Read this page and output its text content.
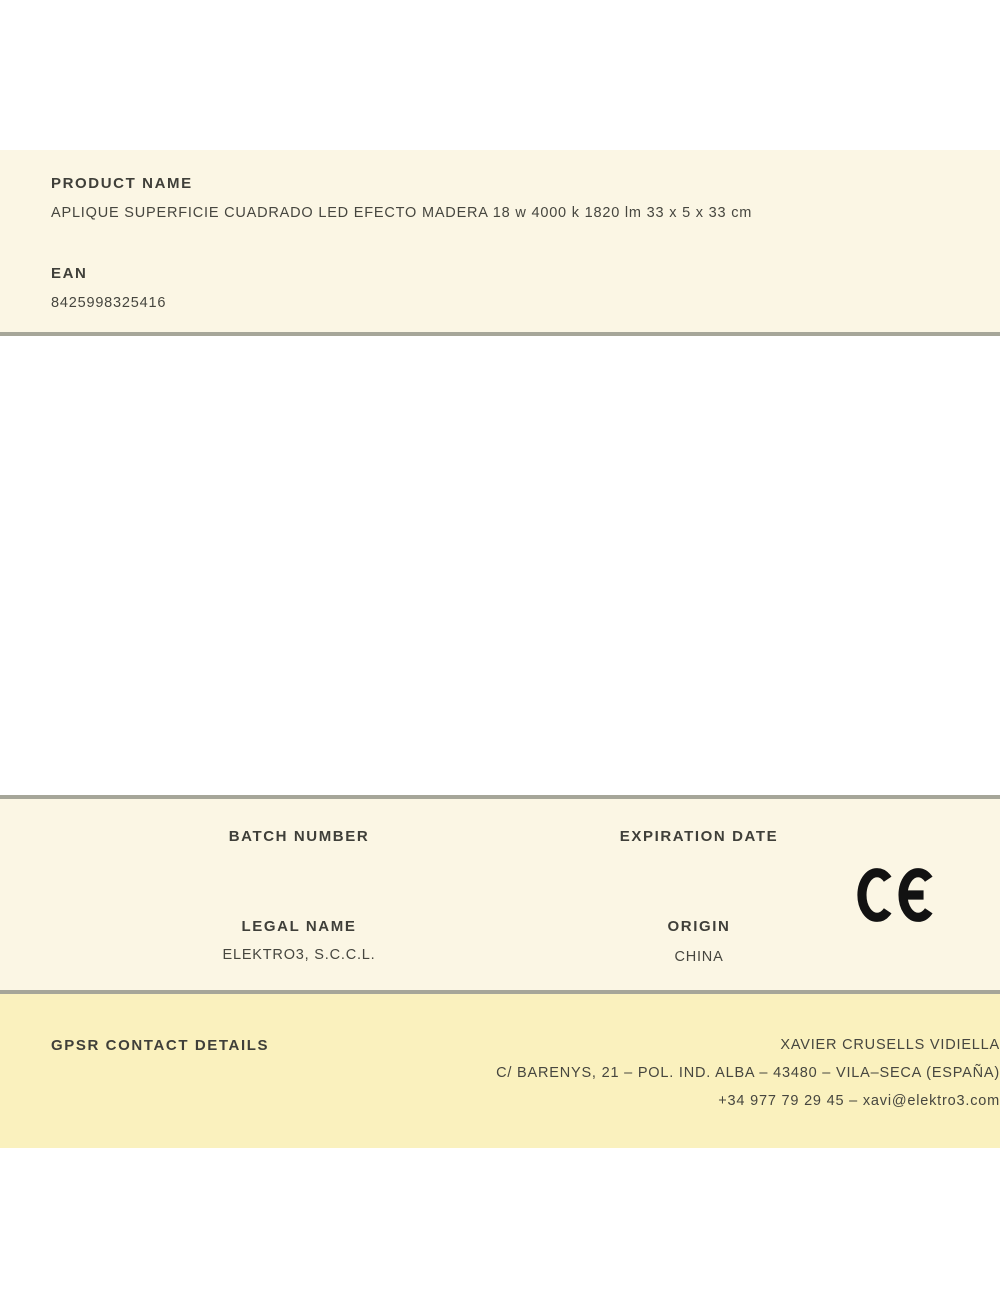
PRODUCT NAME
APLIQUE SUPERFICIE CUADRADO LED EFECTO MADERA 18 w 4000 k 1820 lm 33 x 5 x 33 cm
EAN
8425998325416
BATCH NUMBER	EXPIRATION DATE
LEGAL NAME
ELEKTRO3, S.C.C.L.
ORIGIN
CHINA
GPSR CONTACT DETAILS	XAVIER CRUSELLS VIDIELLA
C/ BARENYS, 21 – POL. IND. ALBA – 43480 – VILA–SECA (ESPAÑA)
+34 977 79 29 45 – xavi@elektro3.com
